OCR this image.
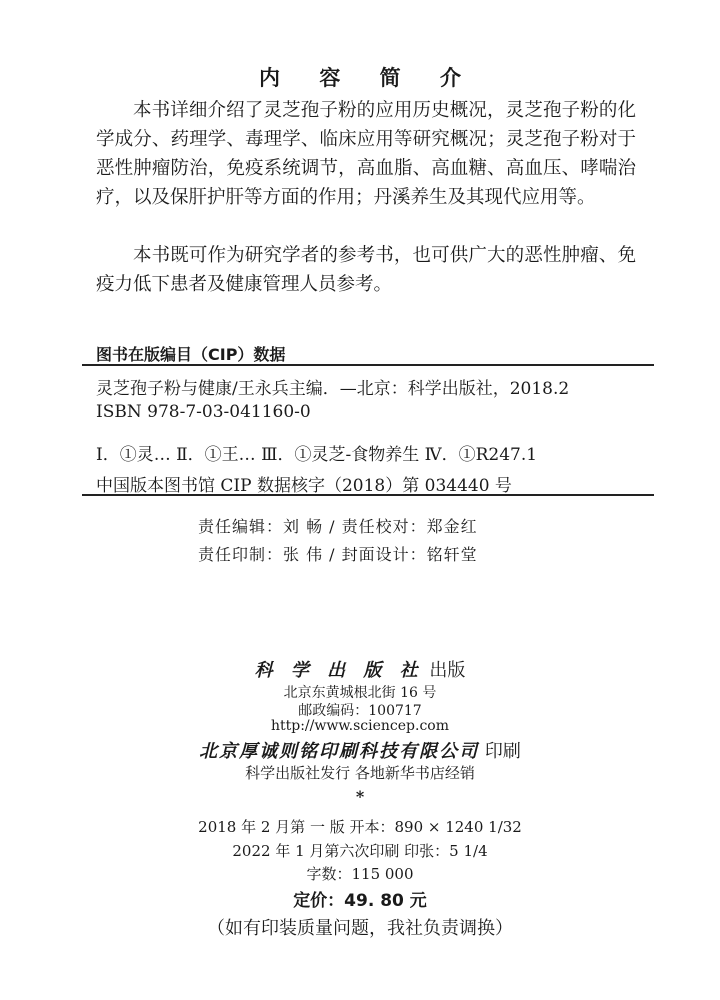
内 容 简 介

本书详细介绍了灵芝孢子粉的应用历史概况，灵芝孢子粉的化学成分、药理学、毒理学、临床应用等研究概况；灵芝孢子粉对于恶性肿瘤防治，免疫系统调节，高血脂、高血糖、高血压、哮喘治疗，以及保肝护肝等方面的作用；丹溪养生及其现代应用等。

本书既可作为研究学者的参考书，也可供广大的恶性肿瘤、免疫力低下患者及健康管理人员参考。

图书在版编目（CIP）数据
灵芝孢子粉与健康/王永兵主编．—北京：科学出版社，2018.2
ISBN 978-7-03-041160-0
Ⅰ．①灵… Ⅱ．①王… Ⅲ．①灵芝-食物养生 Ⅳ．①R247.1
中国版本图书馆 CIP 数据核字（2018）第 034440 号
责任编辑：刘 畅 / 责任校对：郑金红
责任印制：张 伟 / 封面设计：铭轩堂
科 学 出 版 社 出版
北京东黄城根北街 16 号
邮政编码：100717
http://www.sciencep.com
北京厚诚则铭印刷科技有限公司 印刷
科学出版社发行 各地新华书店经销
*
2018 年 2 月第 一 版 开本：890 × 1240 1/32
2022 年 1 月第六次印刷 印张：5 1/4
字数：115 000
定价：49. 80 元
（如有印装质量问题，我社负责调换）
